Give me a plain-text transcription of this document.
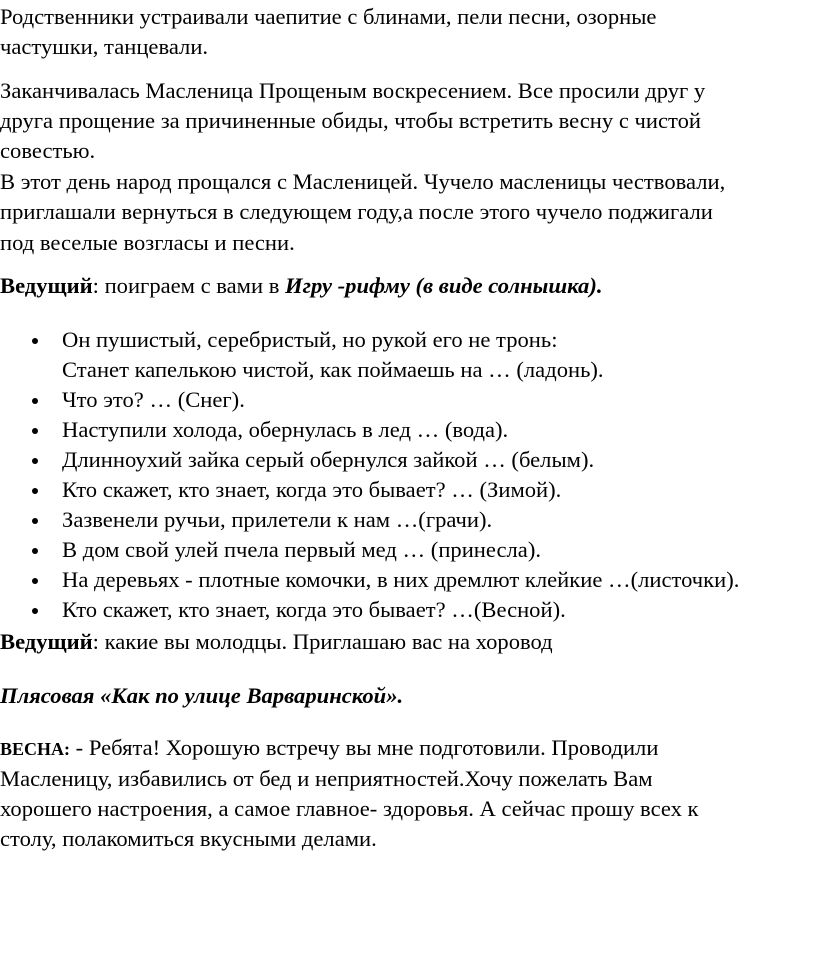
Родственники устраивали чаепитие с блинами, пели песни, озорные
частушки, танцевали.
Заканчивалась Масленица Прощеным воскресением. Все просили друг у
друга прощение за причиненные обиды, чтобы встретить весну с чистой
совестью.
В этот день народ прощался с Масленицей. Чучело масленицы чествовали,
приглашали вернуться в следующем году,а после этого чучело поджигали
под веселые возгласы и песни.
Ведущий: поиграем с вами в Игру -рифму (в виде солнышка).
Он пушистый, серебристый, но рукой его не тронь:
Станет капелькою чистой, как поймаешь на … (ладонь).
Что это? … (Снег).
Наступили холода, обернулась в лед … (вода).
Длинноухий зайка серый обернулся зайкой … (белым).
Кто скажет, кто знает, когда это бывает? … (Зимой).
Зазвенели ручьи, прилетели к нам …(грачи).
В дом свой улей пчела первый мед … (принесла).
На деревьях - плотные комочки, в них дремлют клейкие …(листочки).
Кто скажет, кто знает, когда это бывает? …(Весной).
Ведущий: какие вы молодцы. Приглашаю вас на хоровод
Плясовая «Как по улице Варваринской».
ВЕСНА: - Ребята! Хорошую встречу вы мне подготовили. Проводили
Масленицу, избавились от бед и неприятностей.Хочу пожелать Вам
хорошего настроения, а самое главное- здоровья. А сейчас прошу всех к
столу, полакомиться вкусными делами.
